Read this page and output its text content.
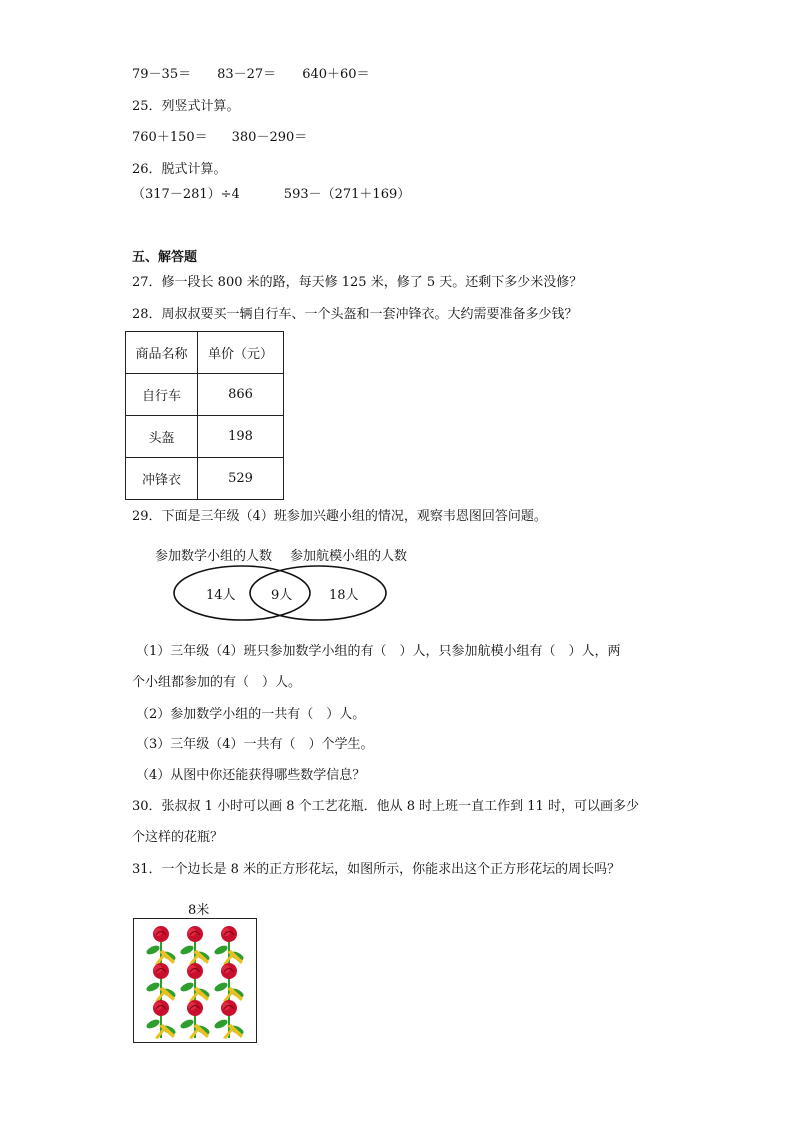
79－35＝ 83－27＝ 640＋60＝
25．列竖式计算。
760＋150＝ 380－290＝
26．脱式计算。
（317－281）÷4	593－（271＋169）
五、解答题
27．修一段长 800 米的路，每天修 125 米，修了 5 天。还剩下多少米没修？
28．周叔叔要买一辆自行车、一个头盔和一套冲锋衣。大约需要准备多少钱？
商品名称	单价（元）
自行车	866
头盔	198
冲锋衣	529
29．下面是三年级（4）班参加兴趣小组的情况，观察韦恩图回答问题。
参加数学小组的人数 参加航模小组的人数
14人	9人	18人
（1）三年级（4）班只参加数学小组的有（　）人，只参加航模小组有（　）人，两
个小组都参加的有（　）人。
（2）参加数学小组的一共有（　）人。
（3）三年级（4）一共有（　）个学生。
（4）从图中你还能获得哪些数学信息？
30．张叔叔 1 小时可以画 8 个工艺花瓶．他从 8 时上班一直工作到 11 时，可以画多少
个这样的花瓶？
31．一个边长是 8 米的正方形花坛，如图所示，你能求出这个正方形花坛的周长吗？
8米
